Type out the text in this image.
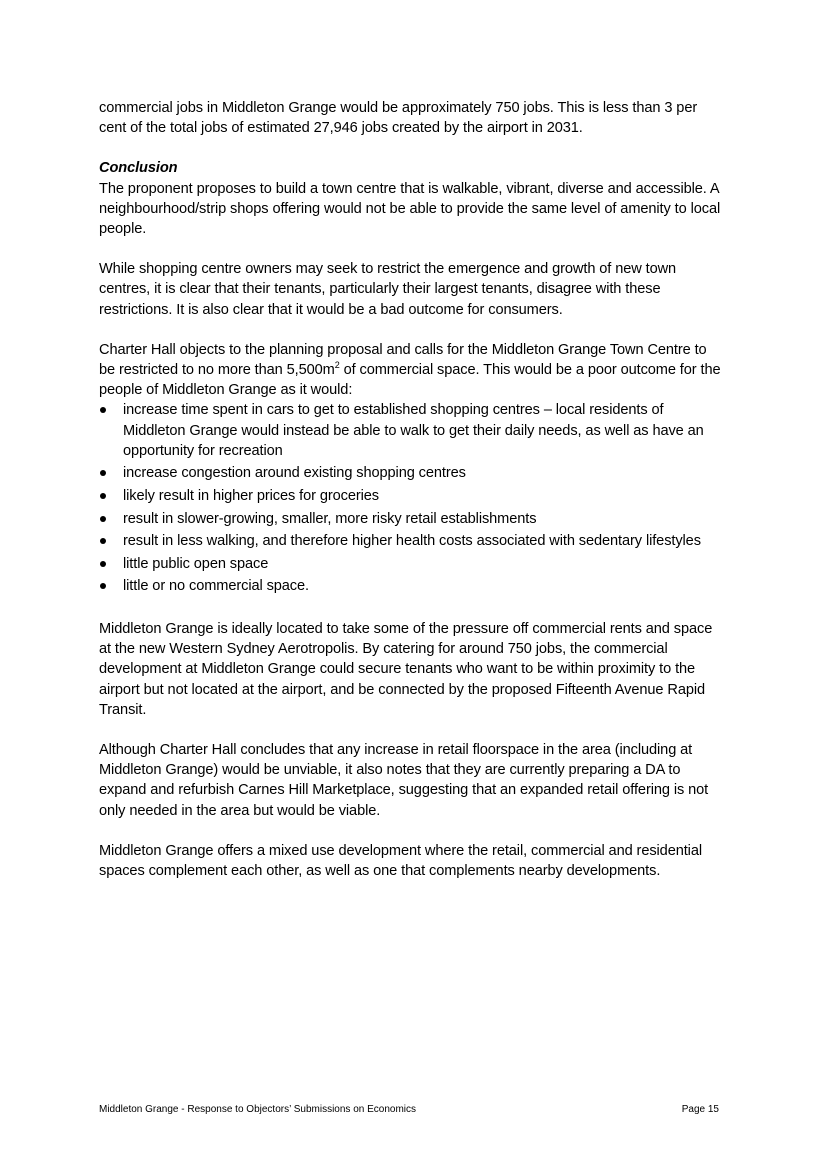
commercial jobs in Middleton Grange would be approximately 750 jobs. This is less than 3 per cent of the total jobs of estimated 27,946 jobs created by the airport in 2031.

Conclusion

The proponent proposes to build a town centre that is walkable, vibrant, diverse and accessible. A neighbourhood/strip shops offering would not be able to provide the same level of amenity to local people.

While shopping centre owners may seek to restrict the emergence and growth of new town centres, it is clear that their tenants, particularly their largest tenants, disagree with these restrictions. It is also clear that it would be a bad outcome for consumers.

Charter Hall objects to the planning proposal and calls for the Middleton Grange Town Centre to be restricted to no more than $5,500m^2$ of commercial space. This would be a poor outcome for the people of Middleton Grange as it would:

increase time spent in cars to get to established shopping centres – local residents of Middleton Grange would instead be able to walk to get their daily needs, as well as have an opportunity for recreation
increase congestion around existing shopping centres
likely result in higher prices for groceries
result in slower-growing, smaller, more risky retail establishments
result in less walking, and therefore higher health costs associated with sedentary lifestyles
little public open space
little or no commercial space.

Middleton Grange is ideally located to take some of the pressure off commercial rents and space at the new Western Sydney Aerotropolis. By catering for around 750 jobs, the commercial development at Middleton Grange could secure tenants who want to be within proximity to the airport but not located at the airport, and be connected by the proposed Fifteenth Avenue Rapid Transit.

Although Charter Hall concludes that any increase in retail floorspace in the area (including at Middleton Grange) would be unviable, it also notes that they are currently preparing a DA to expand and refurbish Carnes Hill Marketplace, suggesting that an expanded retail offering is not only needed in the area but would be viable.

Middleton Grange offers a mixed use development where the retail, commercial and residential spaces complement each other, as well as one that complements nearby developments.

Middleton Grange - Response to Objectors’ Submissions on Economics	Page 15
